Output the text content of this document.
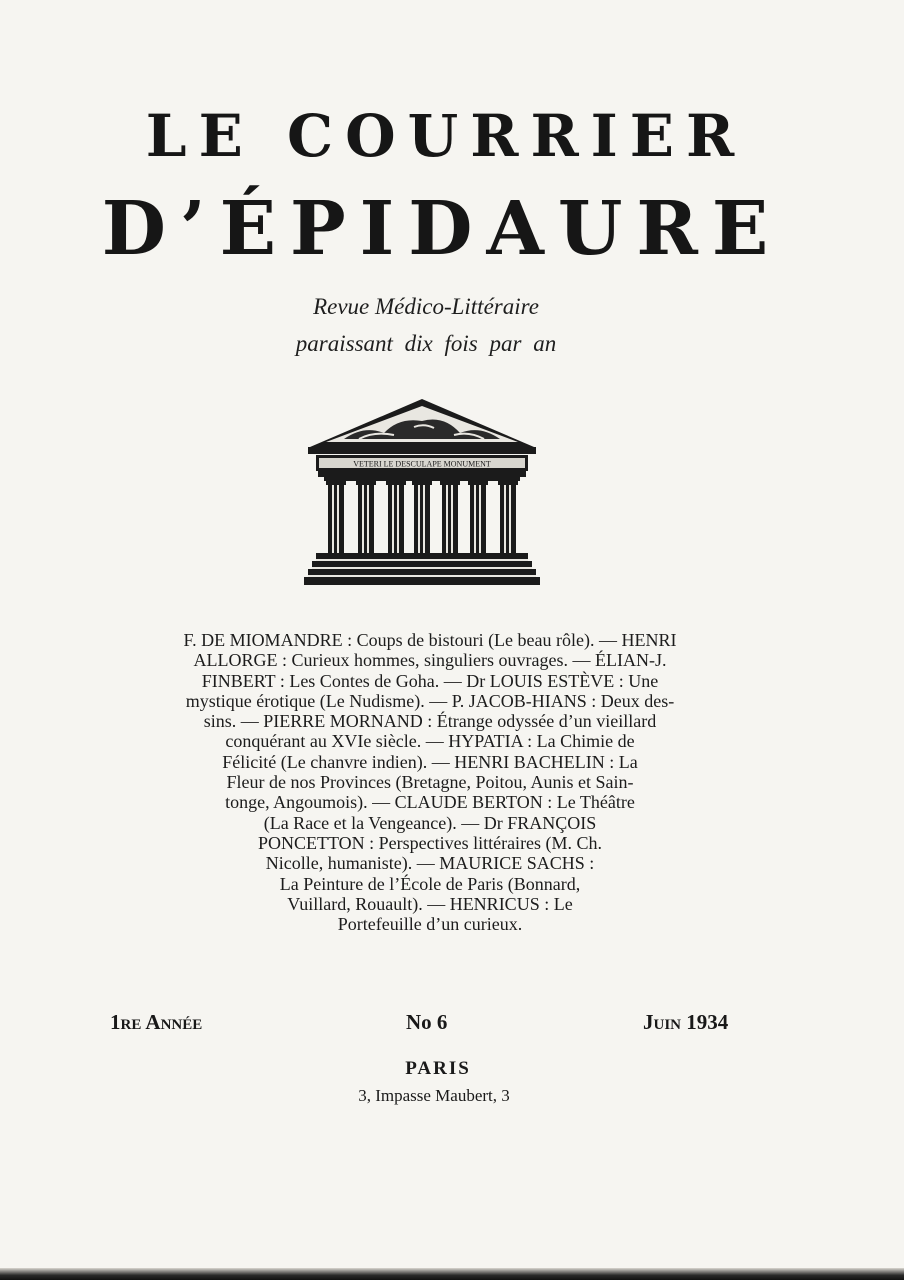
LE COURRIER
D’ÉPIDAURE
Revue Médico-Littéraire
paraissant dix fois par an
VETERI LE DESCULAPE MONUMENT
F. DE MIOMANDRE : Coups de bistouri (Le beau rôle). — HENRI
ALLORGE : Curieux hommes, singuliers ouvrages. — ÉLIAN-J.
FINBERT : Les Contes de Goha. — Dr LOUIS ESTÈVE : Une
mystique érotique (Le Nudisme). — P. JACOB-HIANS : Deux des-
sins. — PIERRE MORNAND : Étrange odyssée d’un vieillard
conquérant au XVIe siècle. — HYPATIA : La Chimie de
Félicité (Le chanvre indien). — HENRI BACHELIN : La
Fleur de nos Provinces (Bretagne, Poitou, Aunis et Sain-
tonge, Angoumois). — CLAUDE BERTON : Le Théâtre
(La Race et la Vengeance). — Dr FRANÇOIS
PONCETTON : Perspectives littéraires (M. Ch.
Nicolle, humaniste). — MAURICE SACHS :
La Peinture de l’École de Paris (Bonnard,
Vuillard, Rouault). — HENRICUS : Le
Portefeuille d’un curieux.
1re Année	No 6	Juin 1934
PARIS
3, Impasse Maubert, 3
